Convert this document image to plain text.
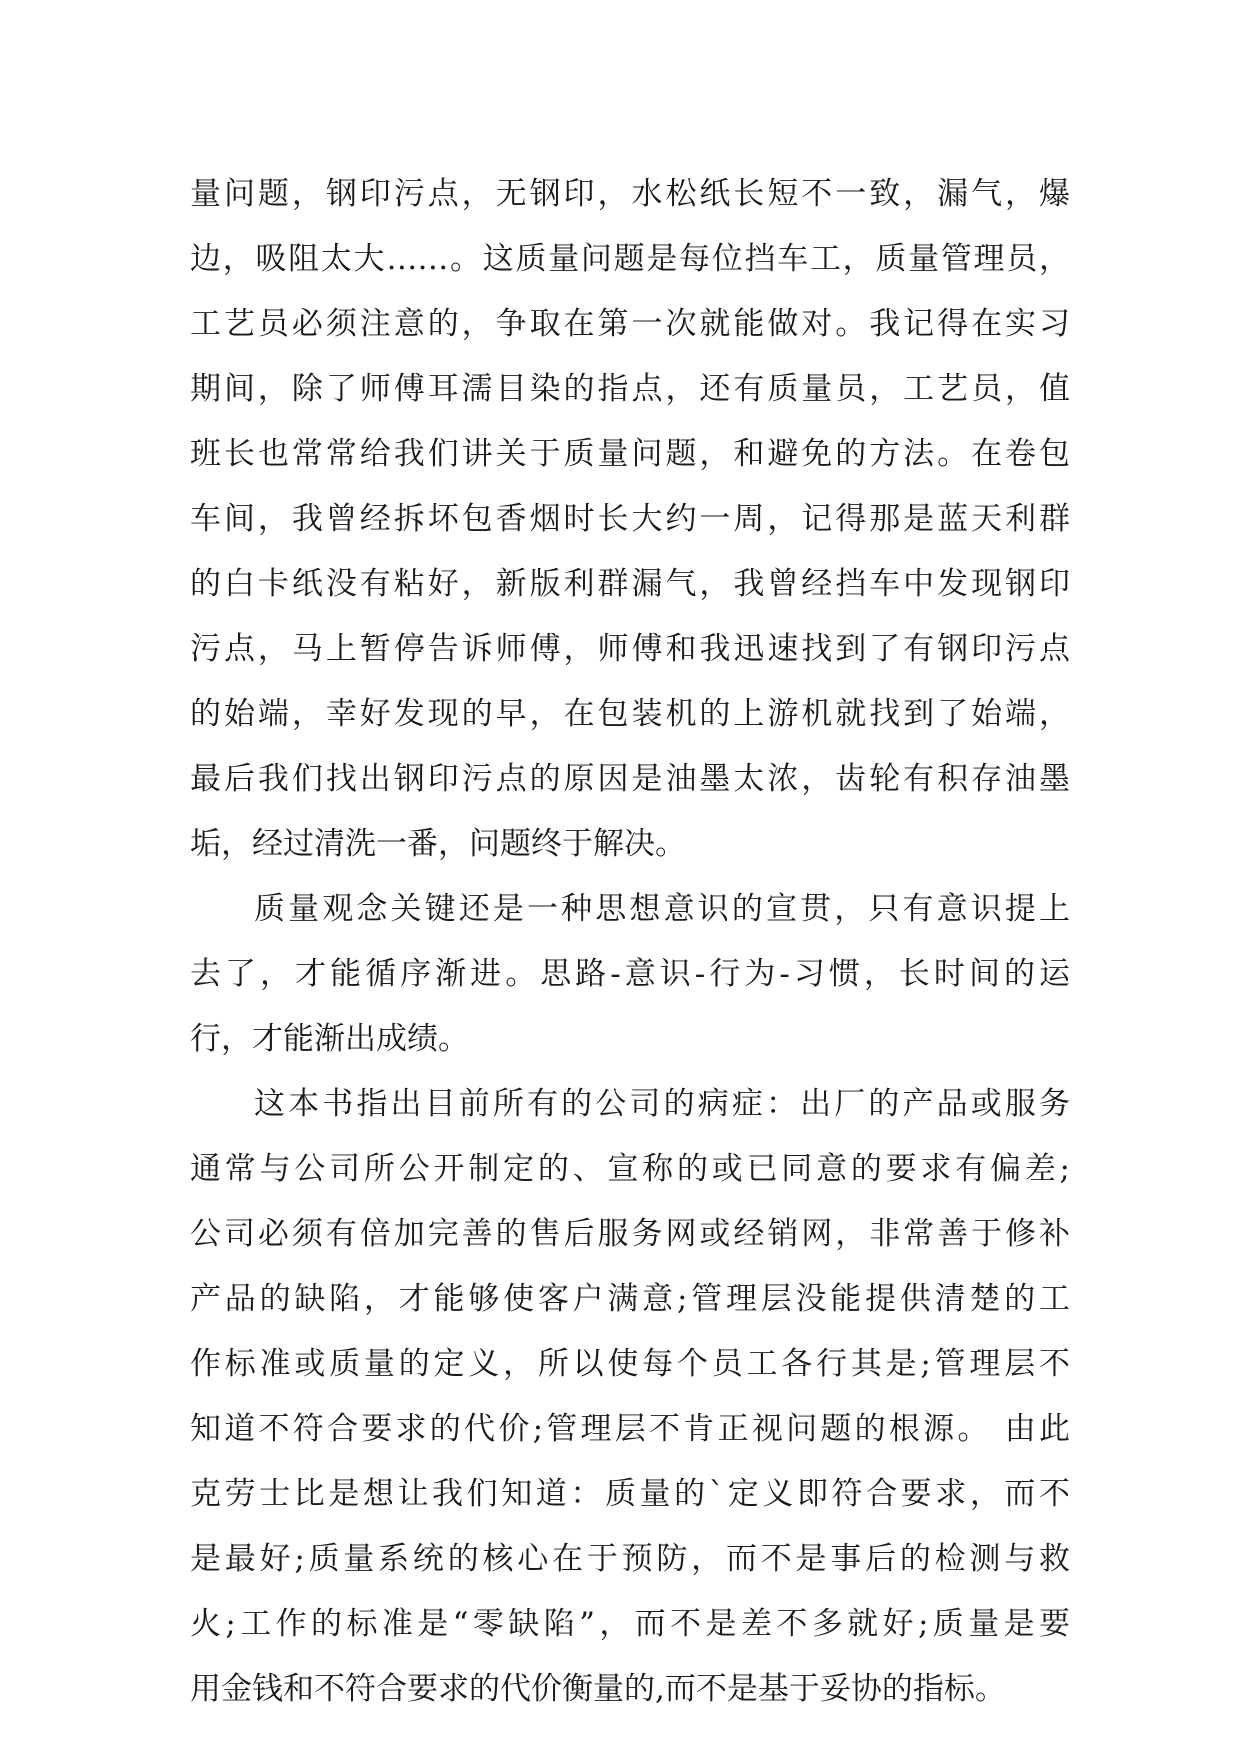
量问题，钢印污点，无钢印，水松纸长短不一致，漏气，爆
边，吸阻太大……。这质量问题是每位挡车工，质量管理员，
工艺员必须注意的，争取在第一次就能做对。我记得在实习
期间，除了师傅耳濡目染的指点，还有质量员，工艺员，值
班长也常常给我们讲关于质量问题，和避免的方法。在卷包
车间，我曾经拆坏包香烟时长大约一周，记得那是蓝天利群
的白卡纸没有粘好，新版利群漏气，我曾经挡车中发现钢印
污点，马上暂停告诉师傅，师傅和我迅速找到了有钢印污点
的始端，幸好发现的早，在包装机的上游机就找到了始端，
最后我们找出钢印污点的原因是油墨太浓，齿轮有积存油墨
垢，经过清洗一番，问题终于解决。
质量观念关键还是一种思想意识的宣贯，只有意识提上
去了，才能循序渐进。思路-意识-行为-习惯，长时间的运
行，才能渐出成绩。
这本书指出目前所有的公司的病症：出厂的产品或服务
通常与公司所公开制定的、宣称的或已同意的要求有偏差;
公司必须有倍加完善的售后服务网或经销网，非常善于修补
产品的缺陷，才能够使客户满意;管理层没能提供清楚的工
作标准或质量的定义，所以使每个员工各行其是;管理层不
知道不符合要求的代价;管理层不肯正视问题的根源。 由此
克劳士比是想让我们知道：质量的`定义即符合要求，而不
是最好;质量系统的核心在于预防，而不是事后的检测与救
火;工作的标准是“零缺陷”，而不是差不多就好;质量是要
用金钱和不符合要求的代价衡量的,而不是基于妥协的指标。
